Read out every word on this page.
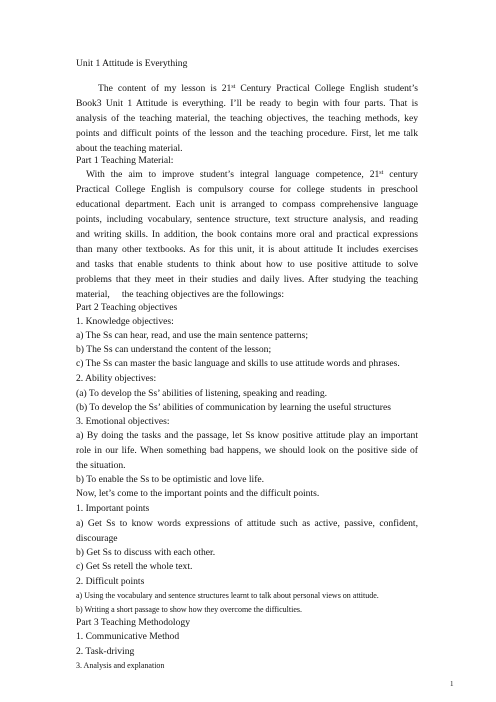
Unit 1 Attitude is Everything
The content of my lesson is 21st Century Practical College English student’s
Book3 Unit 1 Attitude is everything. I’ll be ready to begin with four parts. That is
analysis of the teaching material, the teaching objectives, the teaching methods, key
points and difficult points of the lesson and the teaching procedure. First, let me talk
about the teaching material.
Part 1 Teaching Material:
With the aim to improve student’s integral language competence, 21st century
Practical College English is compulsory course for college students in preschool
educational department. Each unit is arranged to compass comprehensive language
points, including vocabulary, sentence structure, text structure analysis, and reading
and writing skills. In addition, the book contains more oral and practical expressions
than many other textbooks. As for this unit, it is about attitude It includes exercises
and tasks that enable students to think about how to use positive attitude to solve
problems that they meet in their studies and daily lives. After studying the teaching
material,     the teaching objectives are the followings:
Part 2 Teaching objectives
1. Knowledge objectives:
a) The Ss can hear, read, and use the main sentence patterns;
b) The Ss can understand the content of the lesson;
c) The Ss can master the basic language and skills to use attitude words and phrases.
2. Ability objectives:
(a) To develop the Ss’ abilities of listening, speaking and reading.
(b) To develop the Ss’ abilities of communication by learning the useful structures
3. Emotional objectives:
a) By doing the tasks and the passage, let Ss know positive attitude play an important
role in our life. When something bad happens, we should look on the positive side of
the situation.
b) To enable the Ss to be optimistic and love life.
Now, let’s come to the important points and the difficult points.
1. Important points
a) Get Ss to know words expressions of attitude such as active, passive, confident,
discourage
b) Get Ss to discuss with each other.
c) Get Ss retell the whole text.
2. Difficult points
a) Using the vocabulary and sentence structures learnt to talk about personal views on attitude.
b) Writing a short passage to show how they overcome the difficulties.
Part 3 Teaching Methodology
1. Communicative Method
2. Task-driving
3. Analysis and explanation
1
